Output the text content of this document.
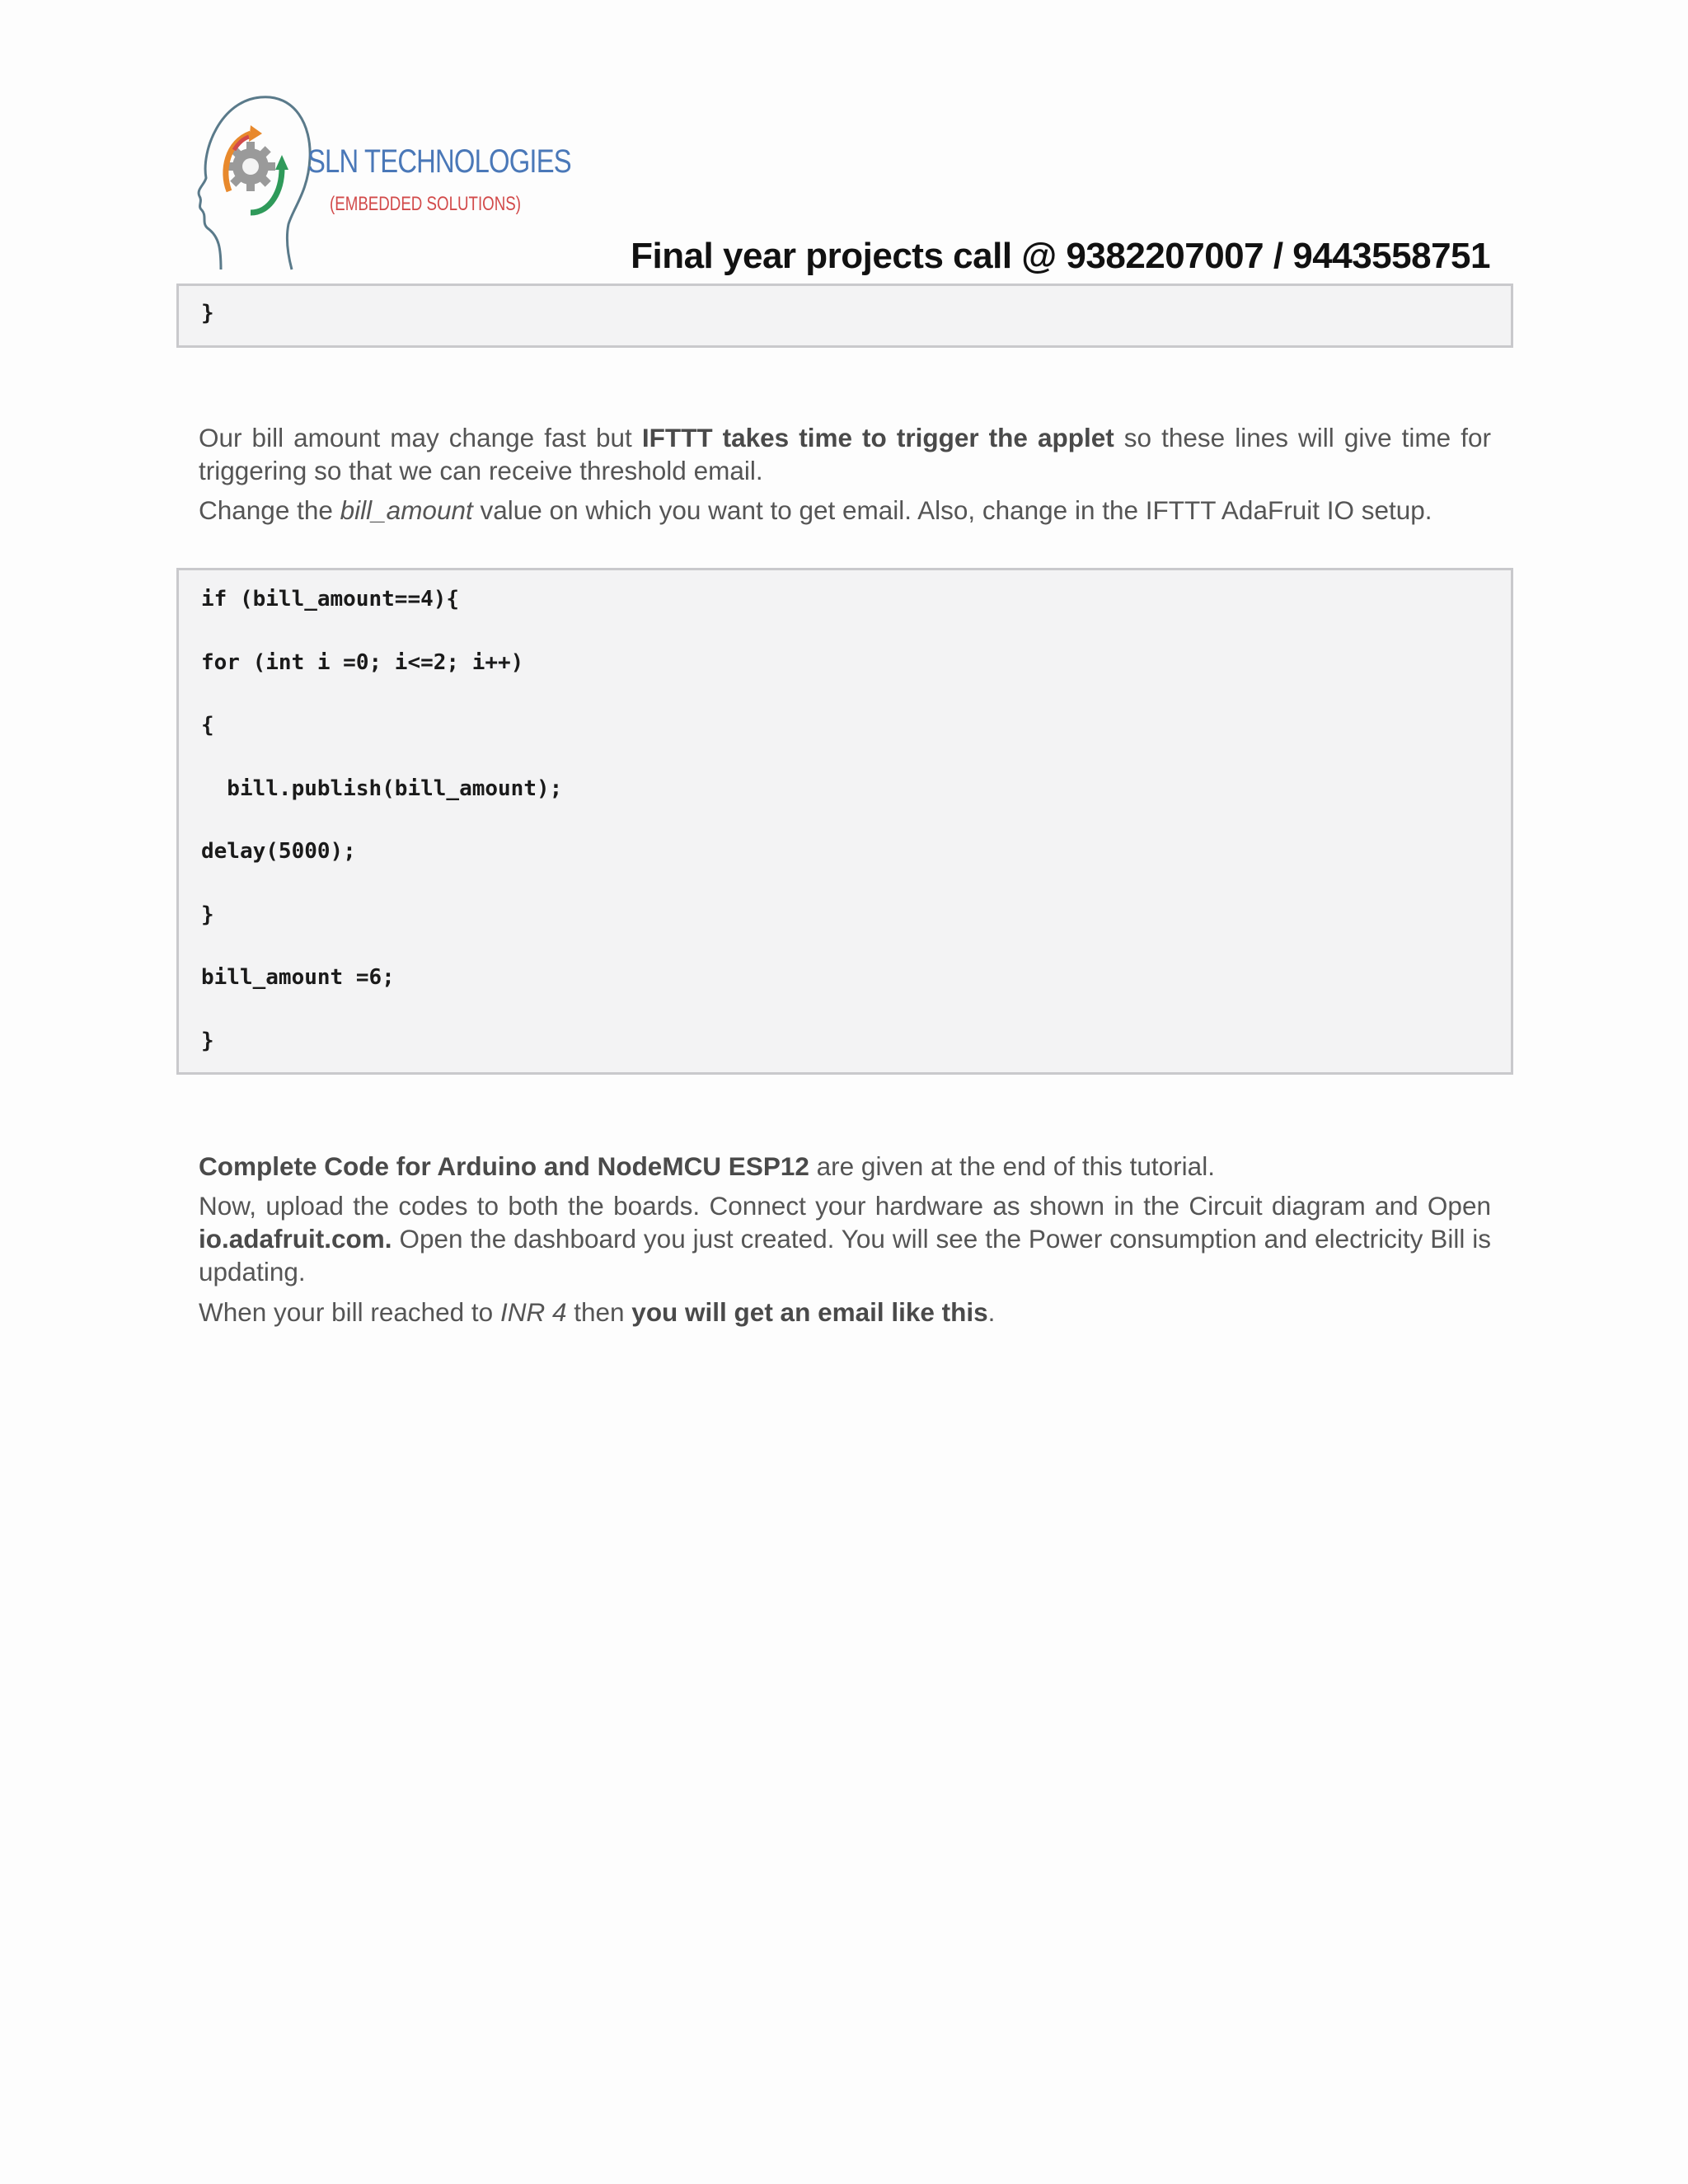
SLN TECHNOLOGIES
(EMBEDDED SOLUTIONS)
Final year projects call @ 9382207007 / 9443558751
}
Our bill amount may change fast but IFTTT takes time to trigger the applet so these lines will give time for triggering so that we can receive threshold email.
Change the bill_amount value on which you want to get email. Also, change in the IFTTT AdaFruit IO setup.
if (bill_amount==4){
for (int i =0; i<=2; i++)
{
bill.publish(bill_amount);
delay(5000);
}
bill_amount =6;
}
Complete Code for Arduino and NodeMCU ESP12 are given at the end of this tutorial.
Now, upload the codes to both the boards. Connect your hardware as shown in the Circuit diagram and Open io.adafruit.com. Open the dashboard you just created. You will see the Power consumption and electricity Bill is updating.
When your bill reached to INR 4 then you will get an email like this.
